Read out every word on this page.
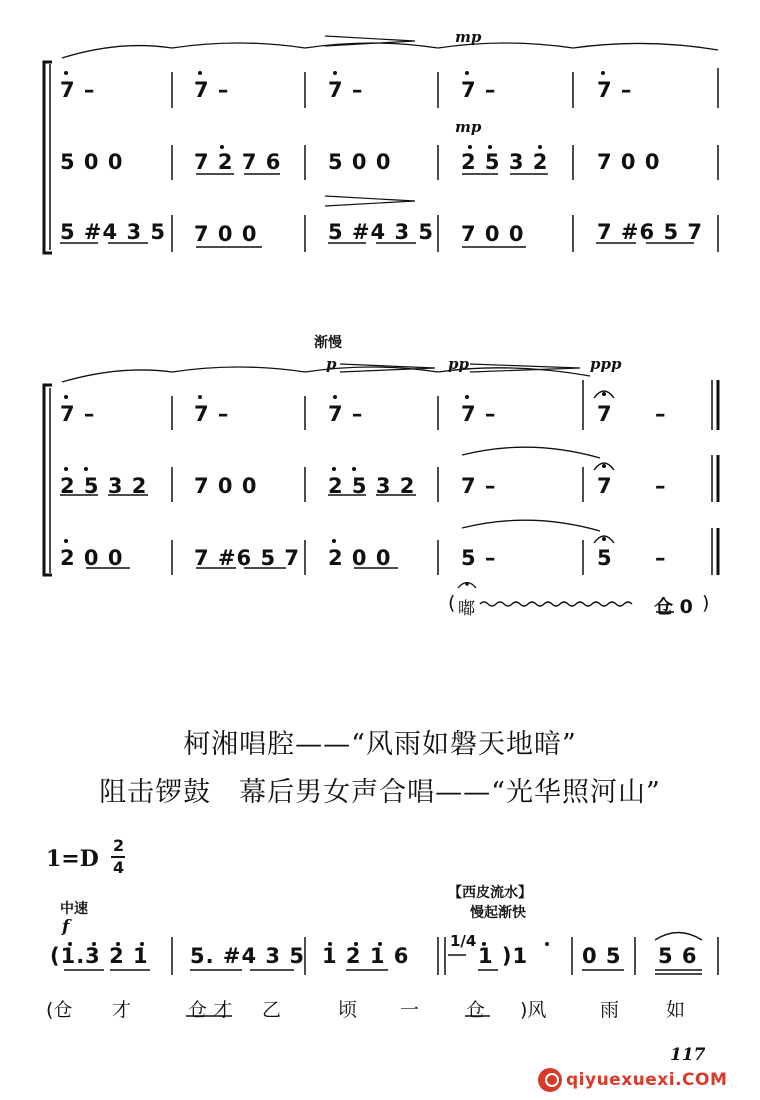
mp
mp
7 –	7 –	7 –	7 –	7 –
5 0 0	7 2 7 6 5 0 0	2 5 3 2 7 0 0
5 #4 3 5 7 0 0	5 #4 3 5 7 0 0	7 #6 5 7
渐慢
p	pp	ppp
7 –	7 –	7 –	7 –	7 –
2 5 3 2 7 0 0	2 5 3 2 7 –	7 –
2 0 0	7 #6 5 7 2 0 0	5 –	5 –
( 嘟	仓 0 )
柯湘唱腔——“风雨如磐天地暗”
阻击锣鼓　幕后男女声合唱——“光华照河山”
1=D
2
4
中速
f
【西皮流水】
慢起渐快
(1.3 2 1 5. #4 3 5 1 2 1 6
1/4
1 )1	0 5 5 6
(仓 才	仓 才 乙	顷 一 仓 )风	雨 如
117
qiyuexuexi.COM
